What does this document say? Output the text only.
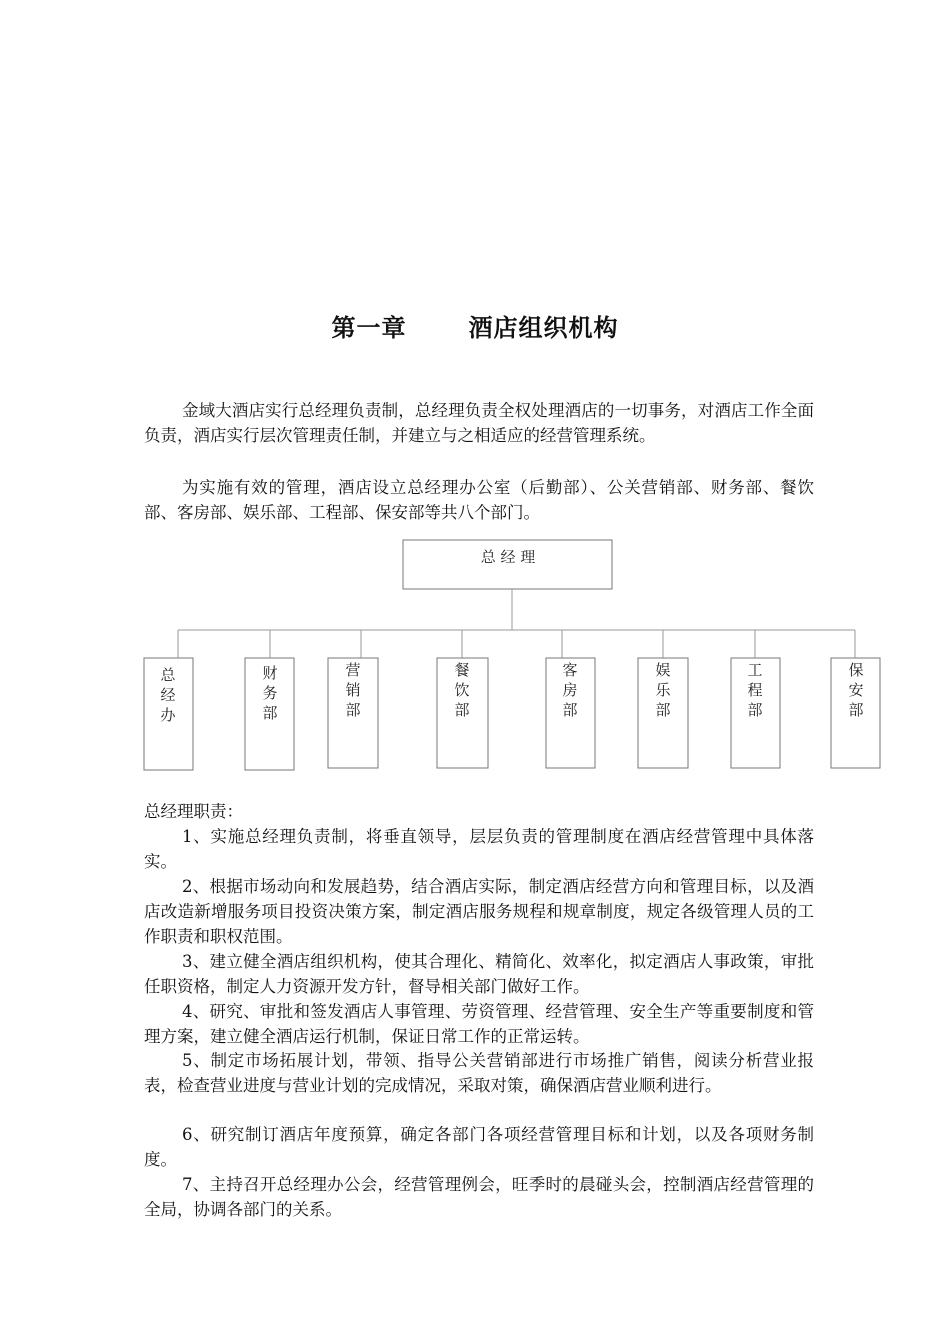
第一章	酒店组织机构

金域大酒店实行总经理负责制，总经理负责全权处理酒店的一切事务，对酒店工作全面负责，酒店实行层次管理责任制，并建立与之相适应的经营管理系统。

为实施有效的管理，酒店设立总经理办公室（后勤部）、公关营销部、财务部、餐饮部、客房部、娱乐部、工程部、保安部等共八个部门。

总 经 理
总经办
财务部
营销部
餐饮部
客房部
娱乐部
工程部
保安部

总经理职责：

1、实施总经理负责制，将垂直领导，层层负责的管理制度在酒店经营管理中具体落实。

2、根据市场动向和发展趋势，结合酒店实际，制定酒店经营方向和管理目标，以及酒店改造新增服务项目投资决策方案，制定酒店服务规程和规章制度，规定各级管理人员的工作职责和职权范围。

3、建立健全酒店组织机构，使其合理化、精简化、效率化，拟定酒店人事政策，审批任职资格，制定人力资源开发方针，督导相关部门做好工作。

4、研究、审批和签发酒店人事管理、劳资管理、经营管理、安全生产等重要制度和管理方案，建立健全酒店运行机制，保证日常工作的正常运转。

5、制定市场拓展计划，带领、指导公关营销部进行市场推广销售，阅读分析营业报表，检查营业进度与营业计划的完成情况，采取对策，确保酒店营业顺利进行。

6、研究制订酒店年度预算，确定各部门各项经营管理目标和计划，以及各项财务制度。

7、主持召开总经理办公会，经营管理例会，旺季时的晨碰头会，控制酒店经营管理的全局，协调各部门的关系。
